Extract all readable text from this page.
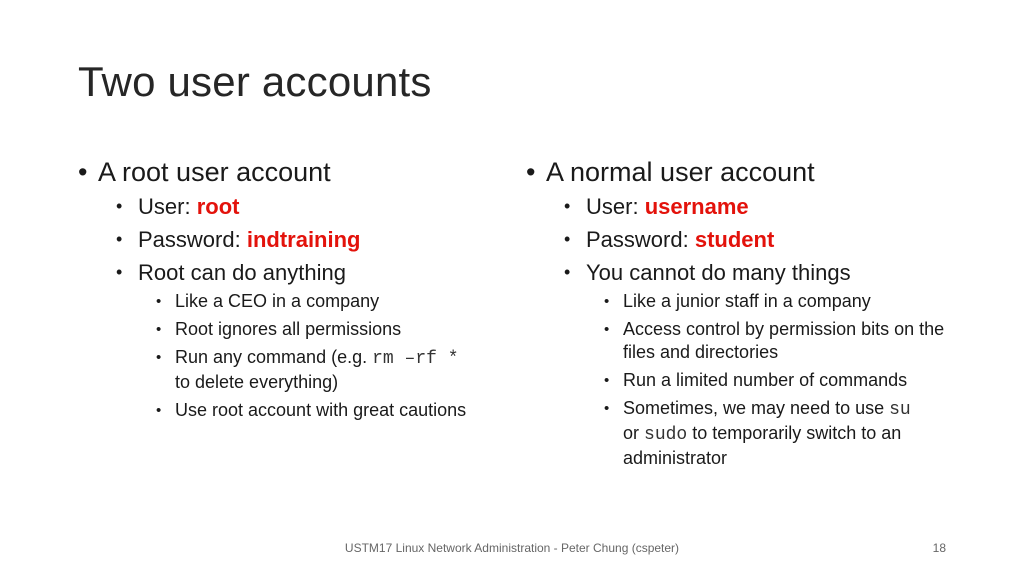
Two user accounts
• A root user account
• User: root
• Password: indtraining
• Root can do anything
• Like a CEO in a company
• Root ignores all permissions
• Run any command (e.g. rm –rf *
to delete everything)
• Use root account with great cautions
• A normal user account
• User: username
• Password: student
• You cannot do many things
• Like a junior staff in a company
• Access control by permission bits on the files and directories
• Run a limited number of commands
• Sometimes, we may need to use su
or sudo to temporarily switch to an administrator
USTM17 Linux Network Administration - Peter Chung (cspeter)	18
